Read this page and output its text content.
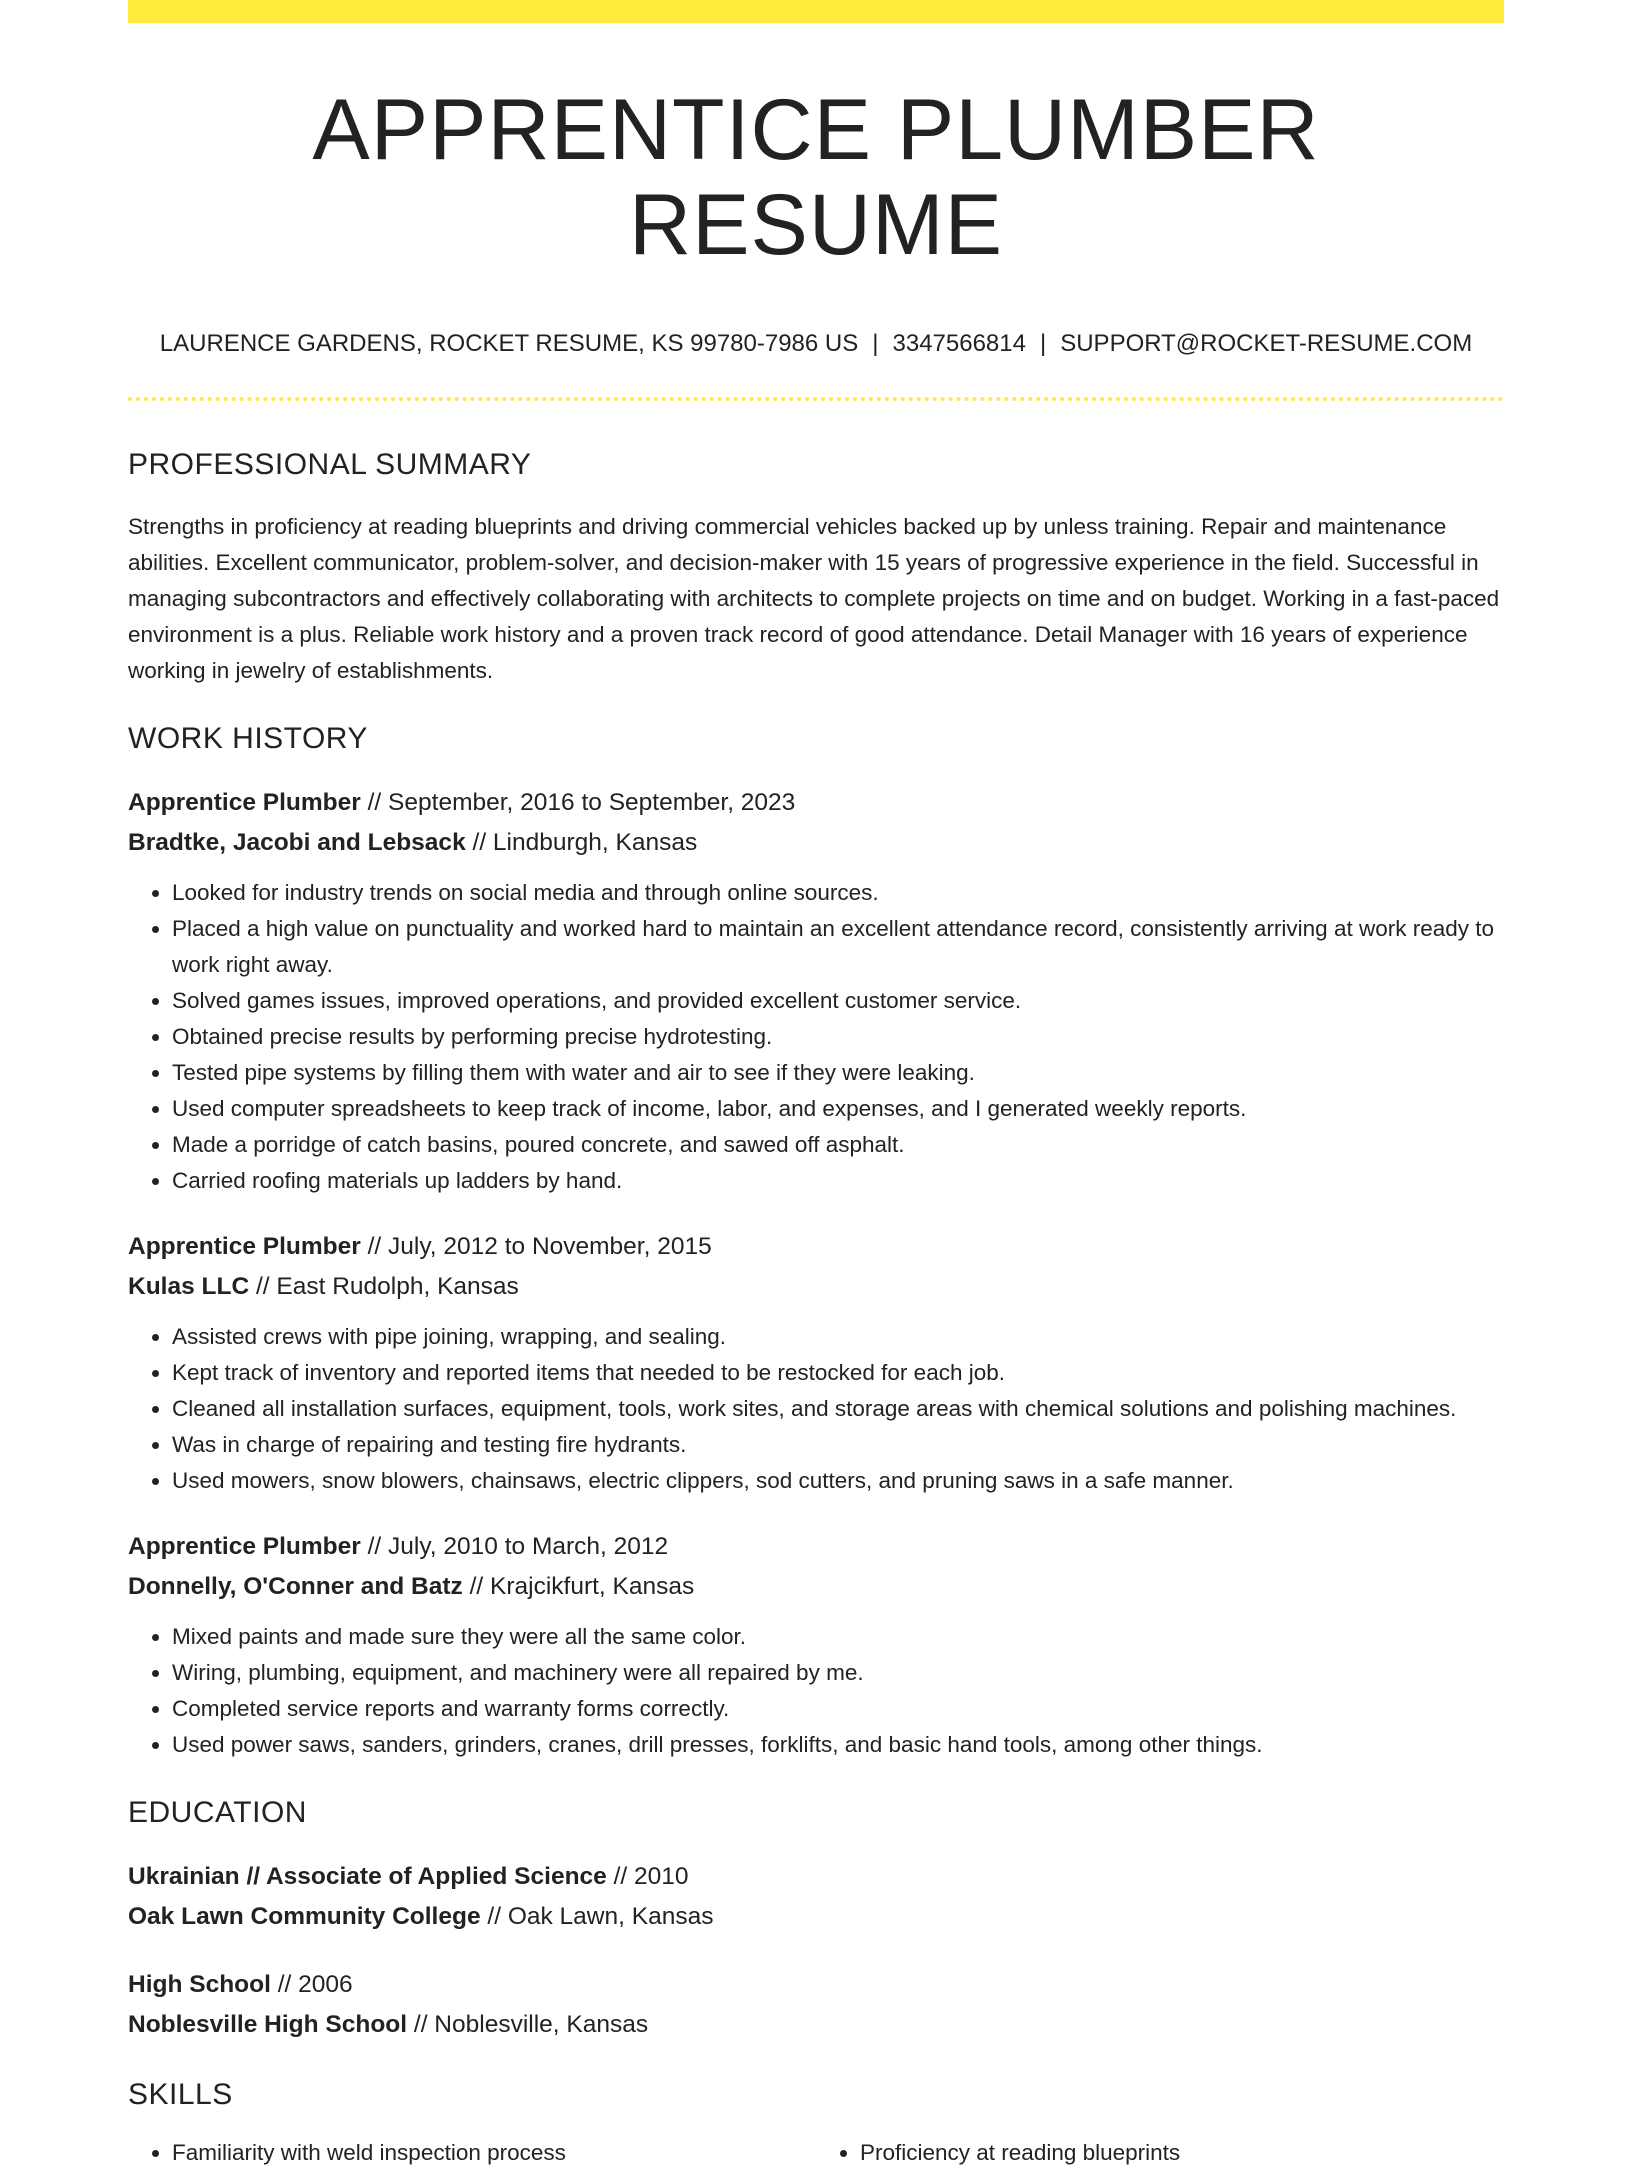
APPRENTICE PLUMBER RESUME
LAURENCE GARDENS, ROCKET RESUME, KS 99780-7986 US | 3347566814 | SUPPORT@ROCKET-RESUME.COM
PROFESSIONAL SUMMARY

Strengths in proficiency at reading blueprints and driving commercial vehicles backed up by unless training. Repair and maintenance abilities. Excellent communicator, problem-solver, and decision-maker with 15 years of progressive experience in the field. Successful in managing subcontractors and effectively collaborating with architects to complete projects on time and on budget. Working in a fast-paced environment is a plus. Reliable work history and a proven track record of good attendance. Detail Manager with 16 years of experience working in jewelry of establishments.

WORK HISTORY
Apprentice Plumber // September, 2016 to September, 2023
Bradtke, Jacobi and Lebsack // Lindburgh, Kansas
• Looked for industry trends on social media and through online sources.
• Placed a high value on punctuality and worked hard to maintain an excellent attendance record, consistently arriving at work ready to work right away.
• Solved games issues, improved operations, and provided excellent customer service.
• Obtained precise results by performing precise hydrotesting.
• Tested pipe systems by filling them with water and air to see if they were leaking.
• Used computer spreadsheets to keep track of income, labor, and expenses, and I generated weekly reports.
• Made a porridge of catch basins, poured concrete, and sawed off asphalt.
• Carried roofing materials up ladders by hand.
Apprentice Plumber // July, 2012 to November, 2015
Kulas LLC // East Rudolph, Kansas
• Assisted crews with pipe joining, wrapping, and sealing.
• Kept track of inventory and reported items that needed to be restocked for each job.
• Cleaned all installation surfaces, equipment, tools, work sites, and storage areas with chemical solutions and polishing machines.
• Was in charge of repairing and testing fire hydrants.
• Used mowers, snow blowers, chainsaws, electric clippers, sod cutters, and pruning saws in a safe manner.
Apprentice Plumber // July, 2010 to March, 2012
Donnelly, O'Conner and Batz // Krajcikfurt, Kansas
• Mixed paints and made sure they were all the same color.
• Wiring, plumbing, equipment, and machinery were all repaired by me.
• Completed service reports and warranty forms correctly.
• Used power saws, sanders, grinders, cranes, drill presses, forklifts, and basic hand tools, among other things.
EDUCATION
Ukrainian // Associate of Applied Science // 2010
Oak Lawn Community College // Oak Lawn, Kansas
High School // 2006
Noblesville High School // Noblesville, Kansas
SKILLS
• Familiarity with weld inspection process
•	Proficiency at reading blueprints
